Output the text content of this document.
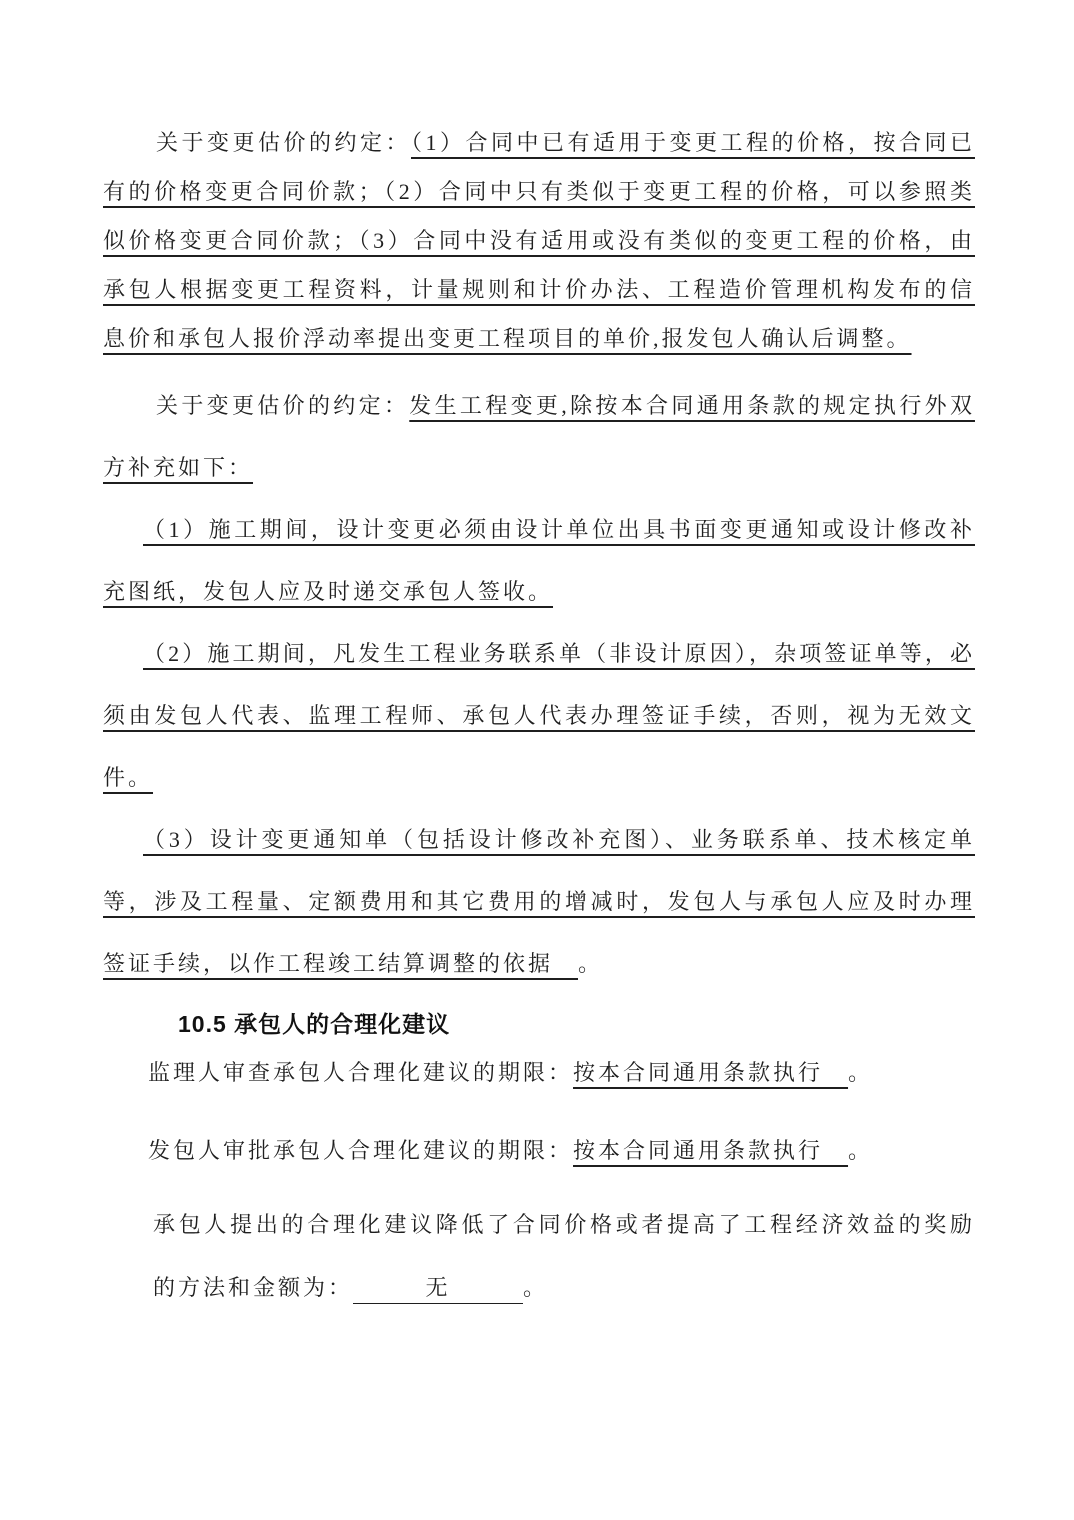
关于变更估价的约定：（1）合同中已有适用于变更工程的价格，按合同已有的价格变更合同价款；（2）合同中只有类似于变更工程的价格，可以参照类似价格变更合同价款；（3）合同中没有适用或没有类似的变更工程的价格，由承包人根据变更工程资料，计量规则和计价办法、工程造价管理机构发布的信息价和承包人报价浮动率提出变更工程项目的单价,报发包人确认后调整。

关于变更估价的约定：发生工程变更,除按本合同通用条款的规定执行外双方补充如下：

（1）施工期间，设计变更必须由设计单位出具书面变更通知或设计修改补充图纸，发包人应及时递交承包人签收。

（2）施工期间，凡发生工程业务联系单（非设计原因），杂项签证单等，必须由发包人代表、监理工程师、承包人代表办理签证手续，否则，视为无效文件。

（3）设计变更通知单（包括设计修改补充图）、业务联系单、技术核定单等，涉及工程量、定额费用和其它费用的增减时，发包人与承包人应及时办理签证手续，以作工程竣工结算调整的依据　。

10.5 承包人的合理化建议

监理人审查承包人合理化建议的期限：按本合同通用条款执行　。

发包人审批承包人合理化建议的期限：按本合同通用条款执行　。

承包人提出的合理化建议降低了合同价格或者提高了工程经济效益的奖励的方法和金额为：	无	。
